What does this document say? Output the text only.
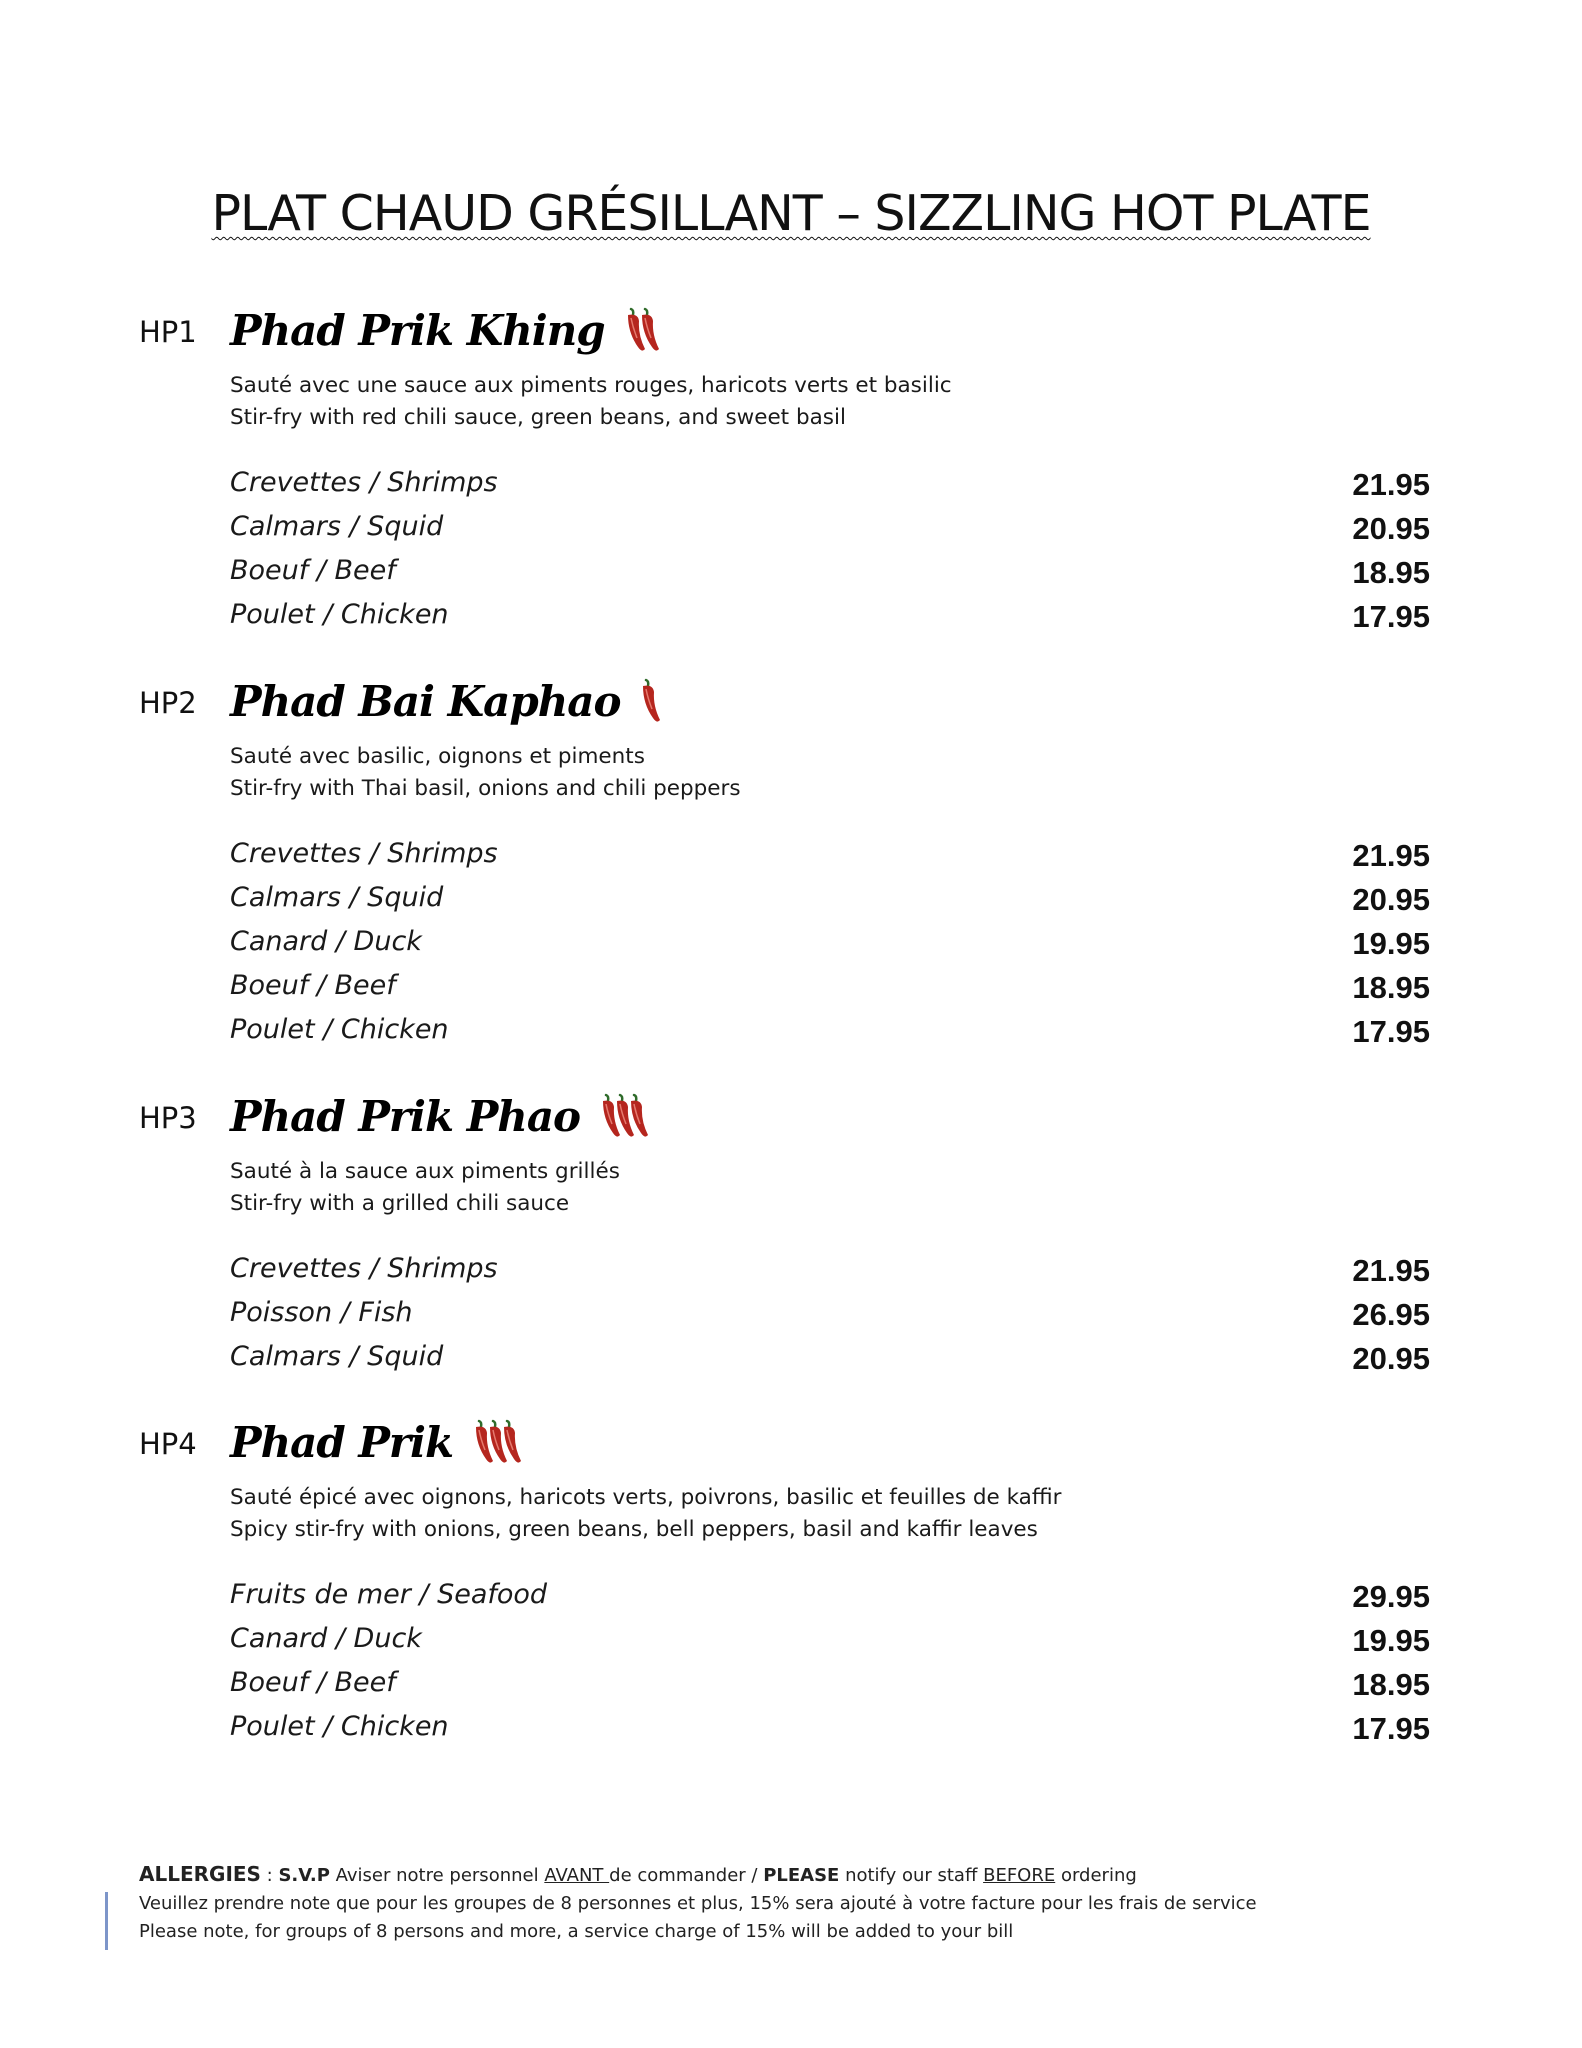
PLAT CHAUD GRÉSILLANT – SIZZLING HOT PLATE
HP1 Phad Prik Khing
Sauté avec une sauce aux piments rouges, haricots verts et basilic
Stir-fry with red chili sauce, green beans, and sweet basil
Crevettes / Shrimps	21.95
Calmars / Squid	20.95
Boeuf / Beef	18.95
Poulet / Chicken	17.95
HP2 Phad Bai Kaphao
Sauté avec basilic, oignons et piments
Stir-fry with Thai basil, onions and chili peppers
Crevettes / Shrimps	21.95
Calmars / Squid	20.95
Canard / Duck	19.95
Boeuf / Beef	18.95
Poulet / Chicken	17.95
HP3 Phad Prik Phao
Sauté à la sauce aux piments grillés
Stir-fry with a grilled chili sauce
Crevettes / Shrimps	21.95
Poisson / Fish	26.95
Calmars / Squid	20.95
HP4 Phad Prik
Sauté épicé avec oignons, haricots verts, poivrons, basilic et feuilles de kaffir
Spicy stir-fry with onions, green beans, bell peppers, basil and kaffir leaves
Fruits de mer / Seafood	29.95
Canard / Duck	19.95
Boeuf / Beef	18.95
Poulet / Chicken	17.95
ALLERGIES : S.V.P Aviser notre personnel AVANT de commander / PLEASE notify our staff BEFORE ordering
Veuillez prendre note que pour les groupes de 8 personnes et plus, 15% sera ajouté à votre facture pour les frais de service
Please note, for groups of 8 persons and more, a service charge of 15% will be added to your bill
